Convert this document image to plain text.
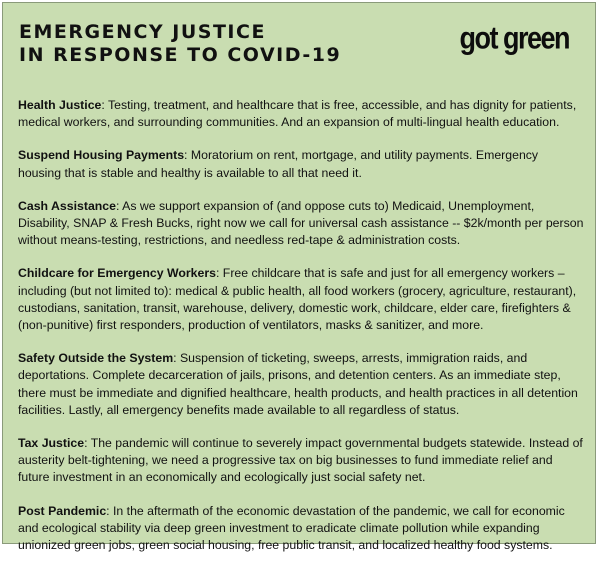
EMERGENCY JUSTICE
IN RESPONSE TO COVID-19	got green

Health Justice: Testing, treatment, and healthcare that is free, accessible, and has dignity for patients, medical workers, and surrounding communities. And an expansion of multi-lingual health education.

Suspend Housing Payments: Moratorium on rent, mortgage, and utility payments. Emergency housing that is stable and healthy is available to all that need it.

Cash Assistance: As we support expansion of (and oppose cuts to) Medicaid, Unemployment, Disability, SNAP & Fresh Bucks, right now we call for universal cash assistance -- $2k/month per person without means-testing, restrictions, and needless red-tape & administration costs.

Childcare for Emergency Workers: Free childcare that is safe and just for all emergency workers – including (but not limited to): medical & public health, all food workers (grocery, agriculture, restaurant), custodians, sanitation, transit, warehouse, delivery, domestic work, childcare, elder care, firefighters & (non-punitive) first responders, production of ventilators, masks & sanitizer, and more.

Safety Outside the System: Suspension of ticketing, sweeps, arrests, immigration raids, and deportations. Complete decarceration of jails, prisons, and detention centers. As an immediate step, there must be immediate and dignified healthcare, health products, and health practices in all detention facilities. Lastly, all emergency benefits made available to all regardless of status.

Tax Justice: The pandemic will continue to severely impact governmental budgets statewide. Instead of austerity belt-tightening, we need a progressive tax on big businesses to fund immediate relief and future investment in an economically and ecologically just social safety net.

Post Pandemic: In the aftermath of the economic devastation of the pandemic, we call for economic and ecological stability via deep green investment to eradicate climate pollution while expanding unionized green jobs, green social housing, free public transit, and localized healthy food systems.
